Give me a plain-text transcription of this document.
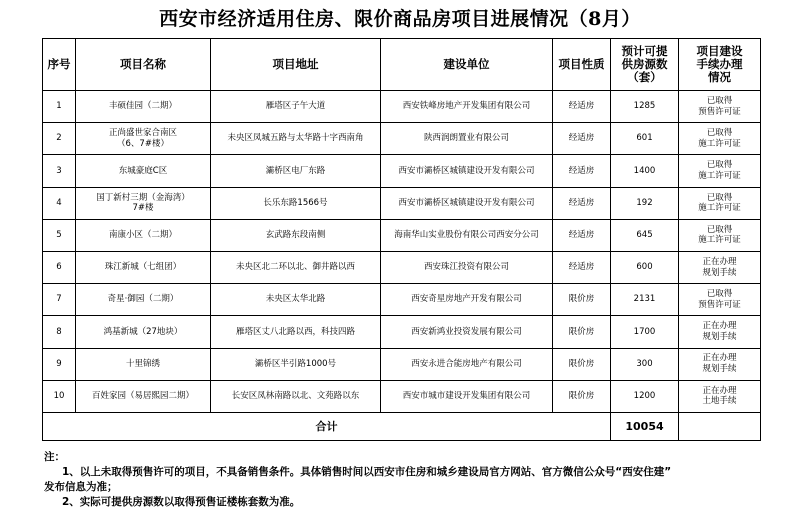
西安市经济适用住房、限价商品房项目进展情况（8月）
序号	项目名称	项目地址	建设单位	项目性质	预计可提
供房源数
（套）	项目建设
手续办理
情况
1	丰硕佳园（二期）	雁塔区子午大道	西安铁峰房地产开发集团有限公司	经适房	1285	已取得
预售许可证
2	正尚盛世家合南区
（6、7#楼）	未央区凤城五路与太华路十字西南角	陕西润朗置业有限公司	经适房	601	已取得
施工许可证
3	东城豪庭C区	灞桥区电厂东路	西安市灞桥区城镇建设开发有限公司	经适房	1400	已取得
施工许可证
4	国丁新村三期（金海湾）
7#楼	长乐东路1566号	西安市灞桥区城镇建设开发有限公司	经适房	192	已取得
施工许可证
5	南康小区（二期）	玄武路东段南侧	海南华山实业股份有限公司西安分公司	经适房	645	已取得
施工许可证
6	珠江新城（七组团）	未央区北二环以北、御井路以西	西安珠江投资有限公司	经适房	600	正在办理
规划手续
7	奇星·御园（二期）	未央区太华北路	西安奇星房地产开发有限公司	限价房	2131	已取得
预售许可证
8	鸿基新城（27地块）	雁塔区丈八北路以西，科技四路	西安新鸿业投资发展有限公司	限价房	1700	正在办理
规划手续
9	十里锦绣	灞桥区半引路1000号	西安永进合能房地产有限公司	限价房	300	正在办理
规划手续
10	百姓家园（易居熙园二期）	长安区凤林南路以北、文苑路以东	西安市城市建设开发集团有限公司	限价房	1200	正在办理
土地手续
合计					10054	
注：
1、以上未取得预售许可的项目，不具备销售条件。具体销售时间以西安市住房和城乡建设局官方网站、官方微信公众号“西安住建”
发布信息为准；
2、实际可提供房源数以取得预售证楼栋套数为准。
